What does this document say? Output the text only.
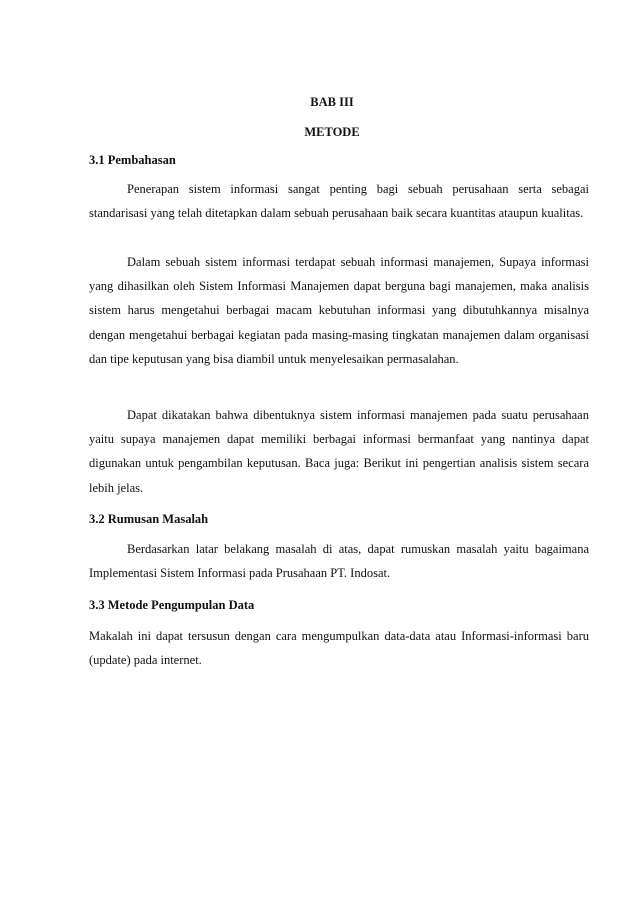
BAB III
METODE
3.1 Pembahasan

Penerapan sistem informasi sangat penting bagi sebuah perusahaan serta sebagai standarisasi yang telah ditetapkan dalam sebuah perusahaan baik secara kuantitas ataupun kualitas.

Dalam sebuah sistem informasi terdapat sebuah informasi manajemen, Supaya informasi yang dihasilkan oleh Sistem Informasi Manajemen dapat berguna bagi manajemen, maka analisis sistem harus mengetahui berbagai macam kebutuhan informasi yang dibutuhkannya misalnya dengan mengetahui berbagai kegiatan pada masing-masing tingkatan manajemen dalam organisasi dan tipe keputusan yang bisa diambil untuk menyelesaikan permasalahan.

Dapat dikatakan bahwa dibentuknya sistem informasi manajemen pada suatu perusahaan yaitu supaya manajemen dapat memiliki berbagai informasi bermanfaat yang nantinya dapat digunakan untuk pengambilan keputusan. Baca juga: Berikut ini pengertian analisis sistem secara lebih jelas.

3.2 Rumusan Masalah

Berdasarkan latar belakang masalah di atas, dapat rumuskan masalah yaitu bagaimana Implementasi Sistem Informasi pada Prusahaan PT. Indosat.

3.3 Metode Pengumpulan Data

Makalah ini dapat tersusun dengan cara mengumpulkan data-data atau Informasi-informasi baru (update) pada internet.
